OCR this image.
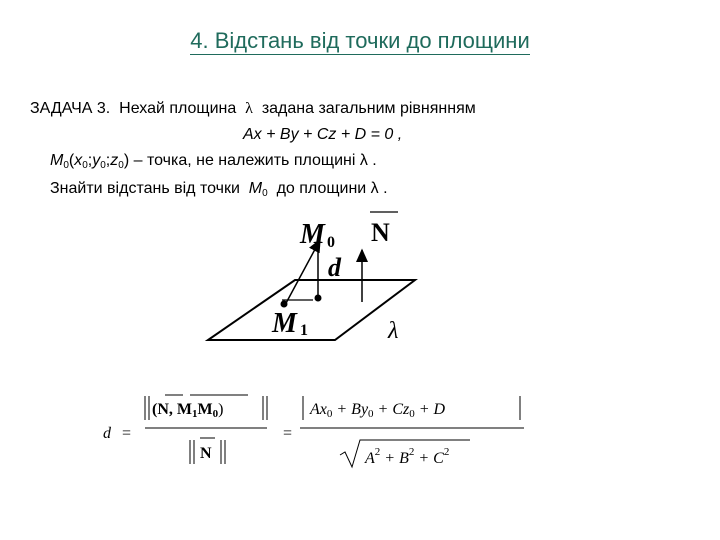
4. Відстань від точки до площини
ЗАДАЧА 3. Нехай площина λ задана загальним рівнянням
Ax + By + Cz + D = 0 ,
$M_0(x_0;y_0;z_0)$ – точка, не належить площині λ .
Знайти відстань від точки $M_0$ до площини λ .
M 0 N
d
M 1	λ
d =
(N, M1M0)
N
=
Ax0 + By0 + Cz0 + D
$A^2 + B^2 + C^2$
